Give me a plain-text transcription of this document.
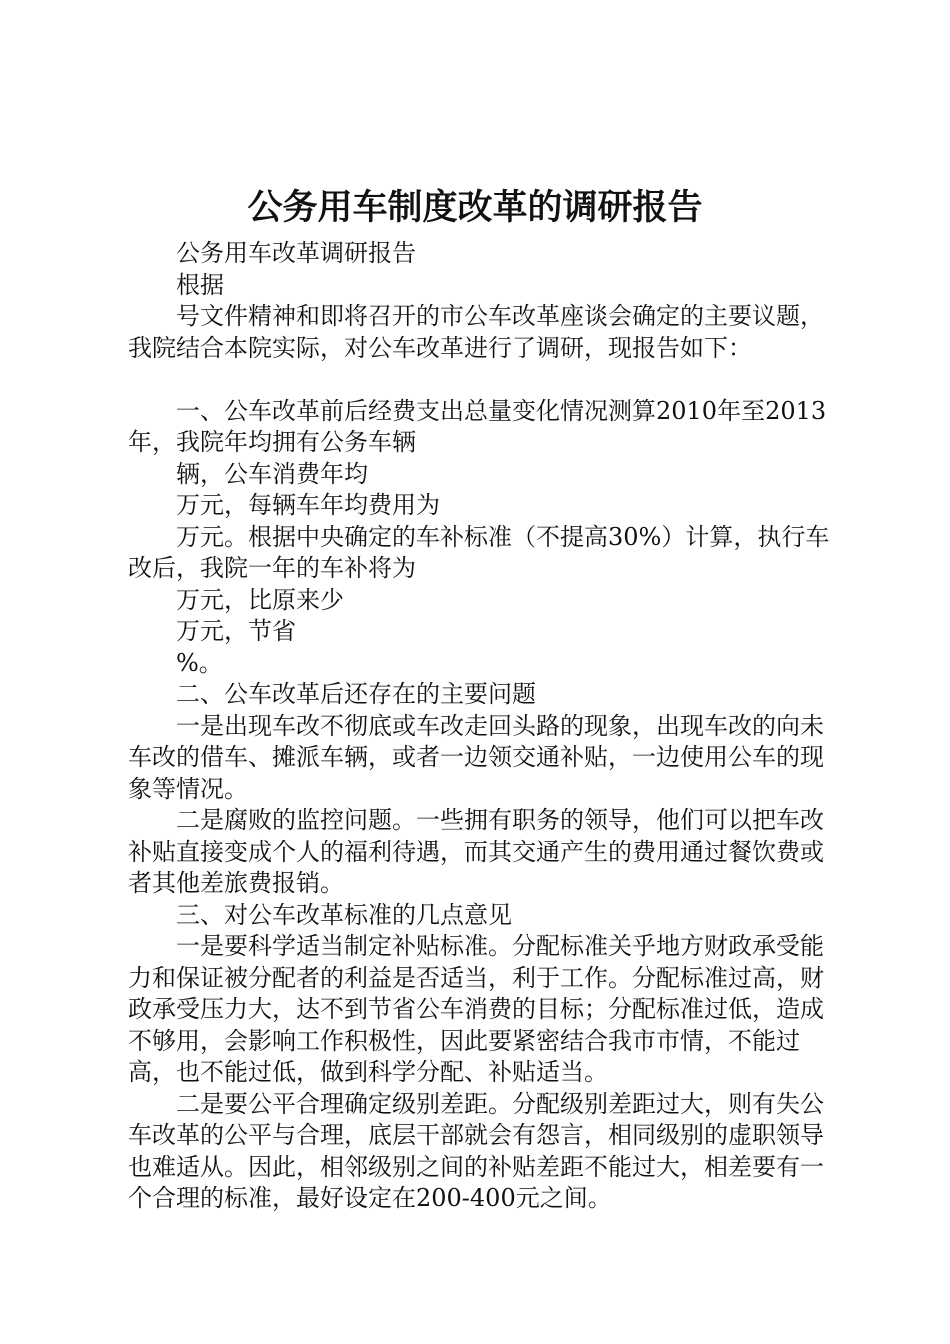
公务用车制度改革的调研报告

公务用车改革调研报告

根据

号文件精神和即将召开的市公车改革座谈会确定的主要议题，我院结合本院实际，对公车改革进行了调研，现报告如下：

一、公车改革前后经费支出总量变化情况测算2010年至2013年，我院年均拥有公务车辆

辆，公车消费年均

万元，每辆车年均费用为

万元。根据中央确定的车补标准（不提高30%）计算，执行车改后，我院一年的车补将为

万元，比原来少

万元，节省

%。

二、公车改革后还存在的主要问题

一是出现车改不彻底或车改走回头路的现象，出现车改的向未车改的借车、摊派车辆，或者一边领交通补贴，一边使用公车的现象等情况。

二是腐败的监控问题。一些拥有职务的领导，他们可以把车改补贴直接变成个人的福利待遇，而其交通产生的费用通过餐饮费或者其他差旅费报销。

三、对公车改革标准的几点意见

一是要科学适当制定补贴标准。分配标准关乎地方财政承受能力和保证被分配者的利益是否适当，利于工作。分配标准过高，财政承受压力大，达不到节省公车消费的目标；分配标准过低，造成不够用，会影响工作积极性，因此要紧密结合我市市情，不能过高，也不能过低，做到科学分配、补贴适当。

二是要公平合理确定级别差距。分配级别差距过大，则有失公车改革的公平与合理，底层干部就会有怨言，相同级别的虚职领导也难适从。因此，相邻级别之间的补贴差距不能过大，相差要有一个合理的标准，最好设定在200-400元之间。
